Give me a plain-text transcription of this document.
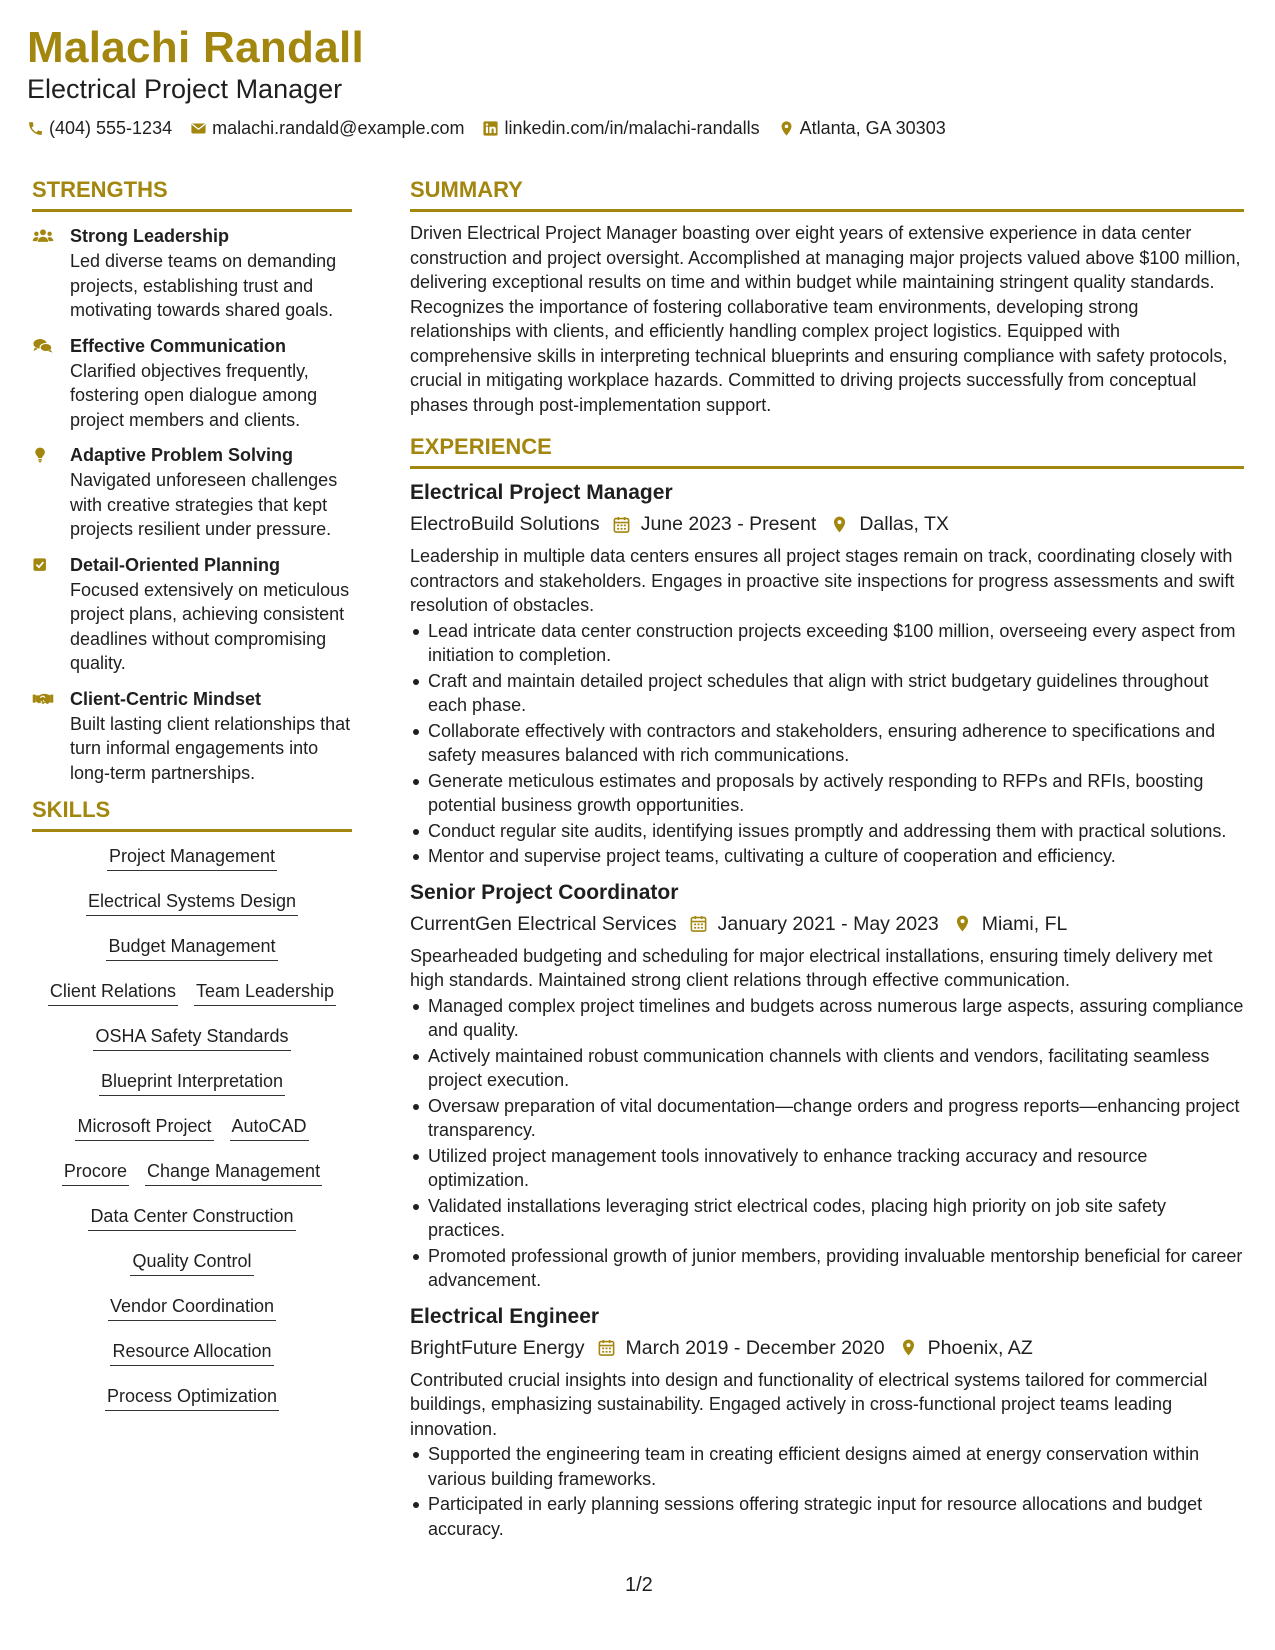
Malachi Randall
Electrical Project Manager
(404) 555-1234 malachi.randald@example.com linkedin.com/in/malachi-randalls Atlanta, GA 30303
STRENGTHS
Strong Leadership
Led diverse teams on demanding projects, establishing trust and motivating towards shared goals.
Effective Communication
Clarified objectives frequently, fostering open dialogue among project members and clients.
Adaptive Problem Solving
Navigated unforeseen challenges with creative strategies that kept projects resilient under pressure.
Detail-Oriented Planning
Focused extensively on meticulous project plans, achieving consistent deadlines without compromising quality.
Client-Centric Mindset
Built lasting client relationships that turn informal engagements into long-term partnerships.
SKILLS
Project Management
Electrical Systems Design
Budget Management
Client Relations Team Leadership
OSHA Safety Standards
Blueprint Interpretation
Microsoft Project AutoCAD
Procore Change Management
Data Center Construction
Quality Control
Vendor Coordination
Resource Allocation
Process Optimization
SUMMARY
Driven Electrical Project Manager boasting over eight years of extensive experience in data center construction and project oversight. Accomplished at managing major projects valued above $100 million, delivering exceptional results on time and within budget while maintaining stringent quality standards. Recognizes the importance of fostering collaborative team environments, developing strong relationships with clients, and efficiently handling complex project logistics. Equipped with comprehensive skills in interpreting technical blueprints and ensuring compliance with safety protocols, crucial in mitigating workplace hazards. Committed to driving projects successfully from conceptual phases through post-implementation support.
EXPERIENCE
Electrical Project Manager
ElectroBuild Solutions June 2023 - Present Dallas, TX
Leadership in multiple data centers ensures all project stages remain on track, coordinating closely with contractors and stakeholders. Engages in proactive site inspections for progress assessments and swift resolution of obstacles.
Lead intricate data center construction projects exceeding $100 million, overseeing every aspect from initiation to completion.
Craft and maintain detailed project schedules that align with strict budgetary guidelines throughout each phase.
Collaborate effectively with contractors and stakeholders, ensuring adherence to specifications and safety measures balanced with rich communications.
Generate meticulous estimates and proposals by actively responding to RFPs and RFIs, boosting potential business growth opportunities.
Conduct regular site audits, identifying issues promptly and addressing them with practical solutions.
Mentor and supervise project teams, cultivating a culture of cooperation and efficiency.
Senior Project Coordinator
CurrentGen Electrical Services January 2021 - May 2023 Miami, FL
Spearheaded budgeting and scheduling for major electrical installations, ensuring timely delivery met high standards. Maintained strong client relations through effective communication.
Managed complex project timelines and budgets across numerous large aspects, assuring compliance and quality.
Actively maintained robust communication channels with clients and vendors, facilitating seamless project execution.
Oversaw preparation of vital documentation—change orders and progress reports—enhancing project transparency.
Utilized project management tools innovatively to enhance tracking accuracy and resource optimization.
Validated installations leveraging strict electrical codes, placing high priority on job site safety practices.
Promoted professional growth of junior members, providing invaluable mentorship beneficial for career advancement.
Electrical Engineer
BrightFuture Energy March 2019 - December 2020 Phoenix, AZ
Contributed crucial insights into design and functionality of electrical systems tailored for commercial buildings, emphasizing sustainability. Engaged actively in cross-functional project teams leading innovation.
Supported the engineering team in creating efficient designs aimed at energy conservation within various building frameworks.
Participated in early planning sessions offering strategic input for resource allocations and budget accuracy.
1/2
